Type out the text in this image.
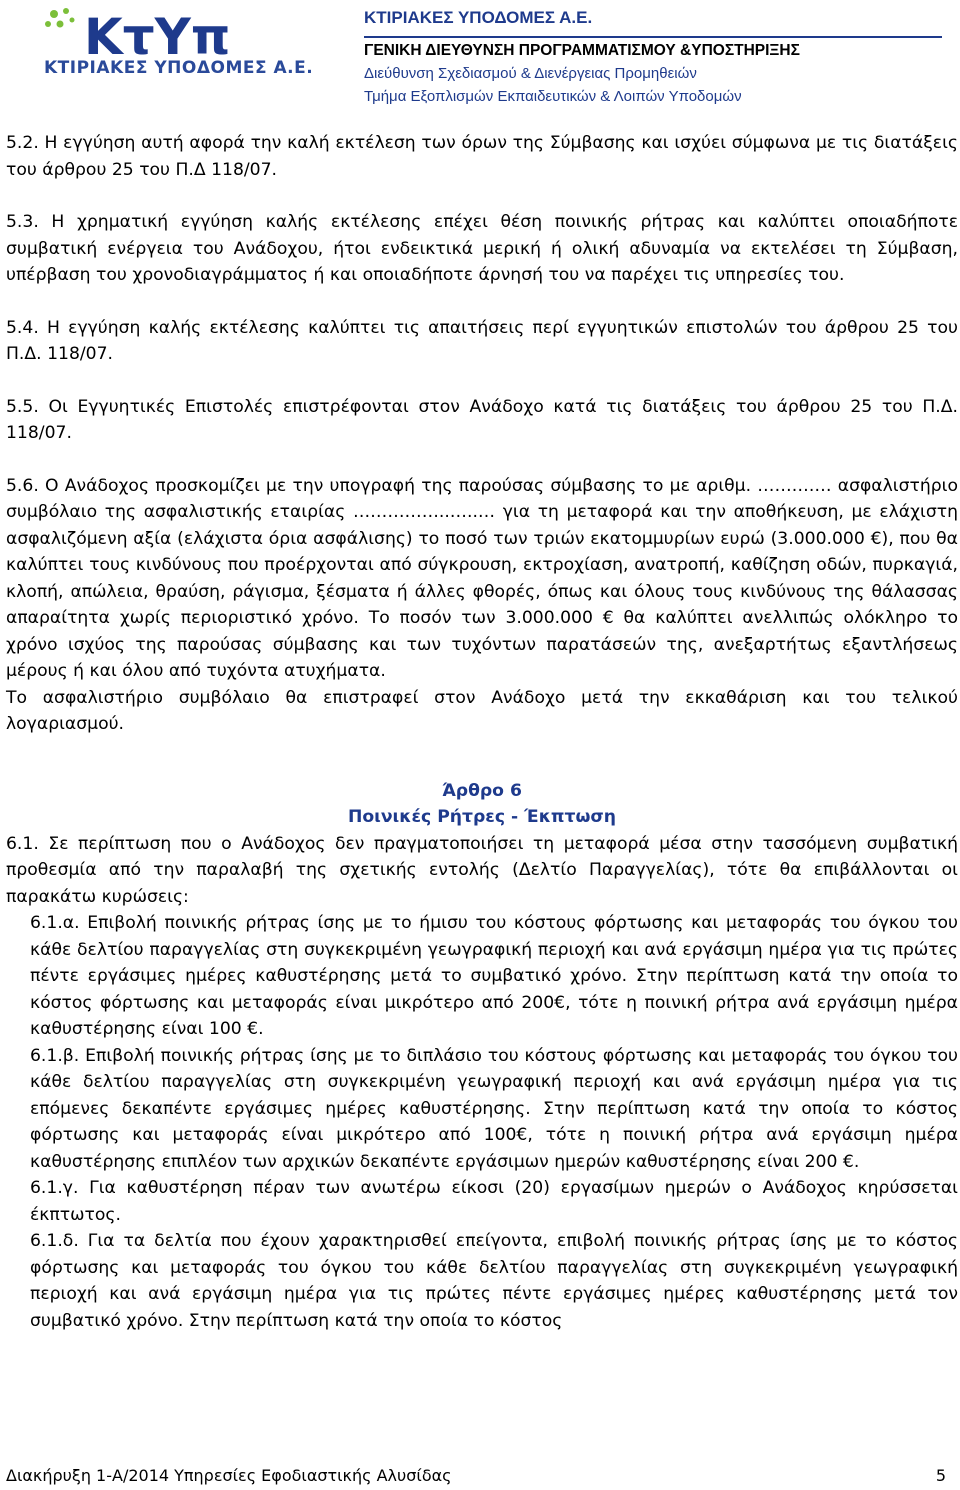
ΚτΥπ
ΚΤΙΡΙΑΚΕΣ ΥΠΟΔΟΜΕΣ Α.Ε.
ΚΤΙΡΙΑΚΕΣ ΥΠΟΔΟΜΕΣ Α.Ε.
ΓΕΝΙΚΗ ΔΙΕΥΘΥΝΣΗ ΠΡΟΓΡΑΜΜΑΤΙΣΜΟΥ &ΥΠΟΣΤΗΡΙΞΗΣ
Διεύθυνση Σχεδιασμού & Διενέργειας Προμηθειών
Τμήμα Εξοπλισμών Εκπαιδευτικών & Λοιπών Υποδομών

5.2. Η εγγύηση αυτή αφορά την καλή εκτέλεση των όρων της Σύμβασης και ισχύει σύμφωνα με τις διατάξεις του άρθρου 25 του Π.Δ 118/07.

5.3. Η χρηματική εγγύηση καλής εκτέλεσης επέχει θέση ποινικής ρήτρας και καλύπτει οποιαδήποτε συμβατική ενέργεια του Ανάδοχου, ήτοι ενδεικτικά μερική ή ολική αδυναμία να εκτελέσει τη Σύμβαση, υπέρβαση του χρονοδιαγράμματος ή και οποιαδήποτε άρνησή του να παρέχει τις υπηρεσίες του.

5.4. Η εγγύηση καλής εκτέλεσης καλύπτει τις απαιτήσεις περί εγγυητικών επιστολών του άρθρου 25 του Π.Δ. 118/07.

5.5. Οι Εγγυητικές Επιστολές επιστρέφονται στον Ανάδοχο κατά τις διατάξεις του άρθρου 25 του Π.Δ. 118/07.

5.6. Ο Ανάδοχος προσκομίζει με την υπογραφή της παρούσας σύμβασης το με αριθμ. ……….… ασφαλιστήριο συμβόλαιο της ασφαλιστικής εταιρίας ……………..…..… για τη μεταφορά και την αποθήκευση, με ελάχιστη ασφαλιζόμενη αξία (ελάχιστα όρια ασφάλισης) το ποσό των τριών εκατομμυρίων ευρώ (3.000.000 €), που θα καλύπτει τους κινδύνους που προέρχονται από σύγκρουση, εκτροχίαση, ανατροπή, καθίζηση οδών, πυρκαγιά, κλοπή, απώλεια, θραύση, ράγισμα, ξέσματα ή άλλες φθορές, όπως και όλους τους κινδύνους της θάλασσας απαραίτητα χωρίς περιοριστικό χρόνο. Το ποσόν των 3.000.000 € θα καλύπτει ανελλιπώς ολόκληρο το χρόνο ισχύος της παρούσας σύμβασης και των τυχόντων παρατάσεών της, ανεξαρτήτως εξαντλήσεως μέρους ή και όλου από τυχόντα ατυχήματα.

Το ασφαλιστήριο συμβόλαιο θα επιστραφεί στον Ανάδοχο μετά την εκκαθάριση και του τελικού λογαριασμού.

Άρθρο 6

Ποινικές Ρήτρες - Έκπτωση

6.1. Σε περίπτωση που ο Ανάδοχος δεν πραγματοποιήσει τη μεταφορά μέσα στην τασσόμενη συμβατική προθεσμία από την παραλαβή της σχετικής εντολής (Δελτίο Παραγγελίας), τότε θα επιβάλλονται οι παρακάτω κυρώσεις:

6.1.α. Επιβολή ποινικής ρήτρας ίσης με το ήμισυ του κόστους φόρτωσης και μεταφοράς του όγκου του κάθε δελτίου παραγγελίας στη συγκεκριμένη γεωγραφική περιοχή και ανά εργάσιμη ημέρα για τις πρώτες πέντε εργάσιμες ημέρες καθυστέρησης μετά το συμβατικό χρόνο. Στην περίπτωση κατά την οποία το κόστος φόρτωσης και μεταφοράς είναι μικρότερο από 200€, τότε η ποινική ρήτρα ανά εργάσιμη ημέρα καθυστέρησης είναι 100 €.

6.1.β. Επιβολή ποινικής ρήτρας ίσης με το διπλάσιο του κόστους φόρτωσης και μεταφοράς του όγκου του κάθε δελτίου παραγγελίας στη συγκεκριμένη γεωγραφική περιοχή και ανά εργάσιμη ημέρα για τις επόμενες δεκαπέντε εργάσιμες ημέρες καθυστέρησης. Στην περίπτωση κατά την οποία το κόστος φόρτωσης και μεταφοράς είναι μικρότερο από 100€, τότε η ποινική ρήτρα ανά εργάσιμη ημέρα καθυστέρησης επιπλέον των αρχικών δεκαπέντε εργάσιμων ημερών καθυστέρησης είναι 200 €.

6.1.γ. Για καθυστέρηση πέραν των ανωτέρω είκοσι (20) εργασίμων ημερών ο Ανάδοχος κηρύσσεται έκπτωτος.

6.1.δ. Για τα δελτία που έχουν χαρακτηρισθεί επείγοντα, επιβολή ποινικής ρήτρας ίσης με το κόστος φόρτωσης και μεταφοράς του όγκου του κάθε δελτίου παραγγελίας στη συγκεκριμένη γεωγραφική περιοχή και ανά εργάσιμη ημέρα για τις πρώτες πέντε εργάσιμες ημέρες καθυστέρησης μετά τον συμβατικό χρόνο. Στην περίπτωση κατά την οποία το κόστος

Διακήρυξη 1-Α/2014 Υπηρεσίες Εφοδιαστικής Αλυσίδας	5
